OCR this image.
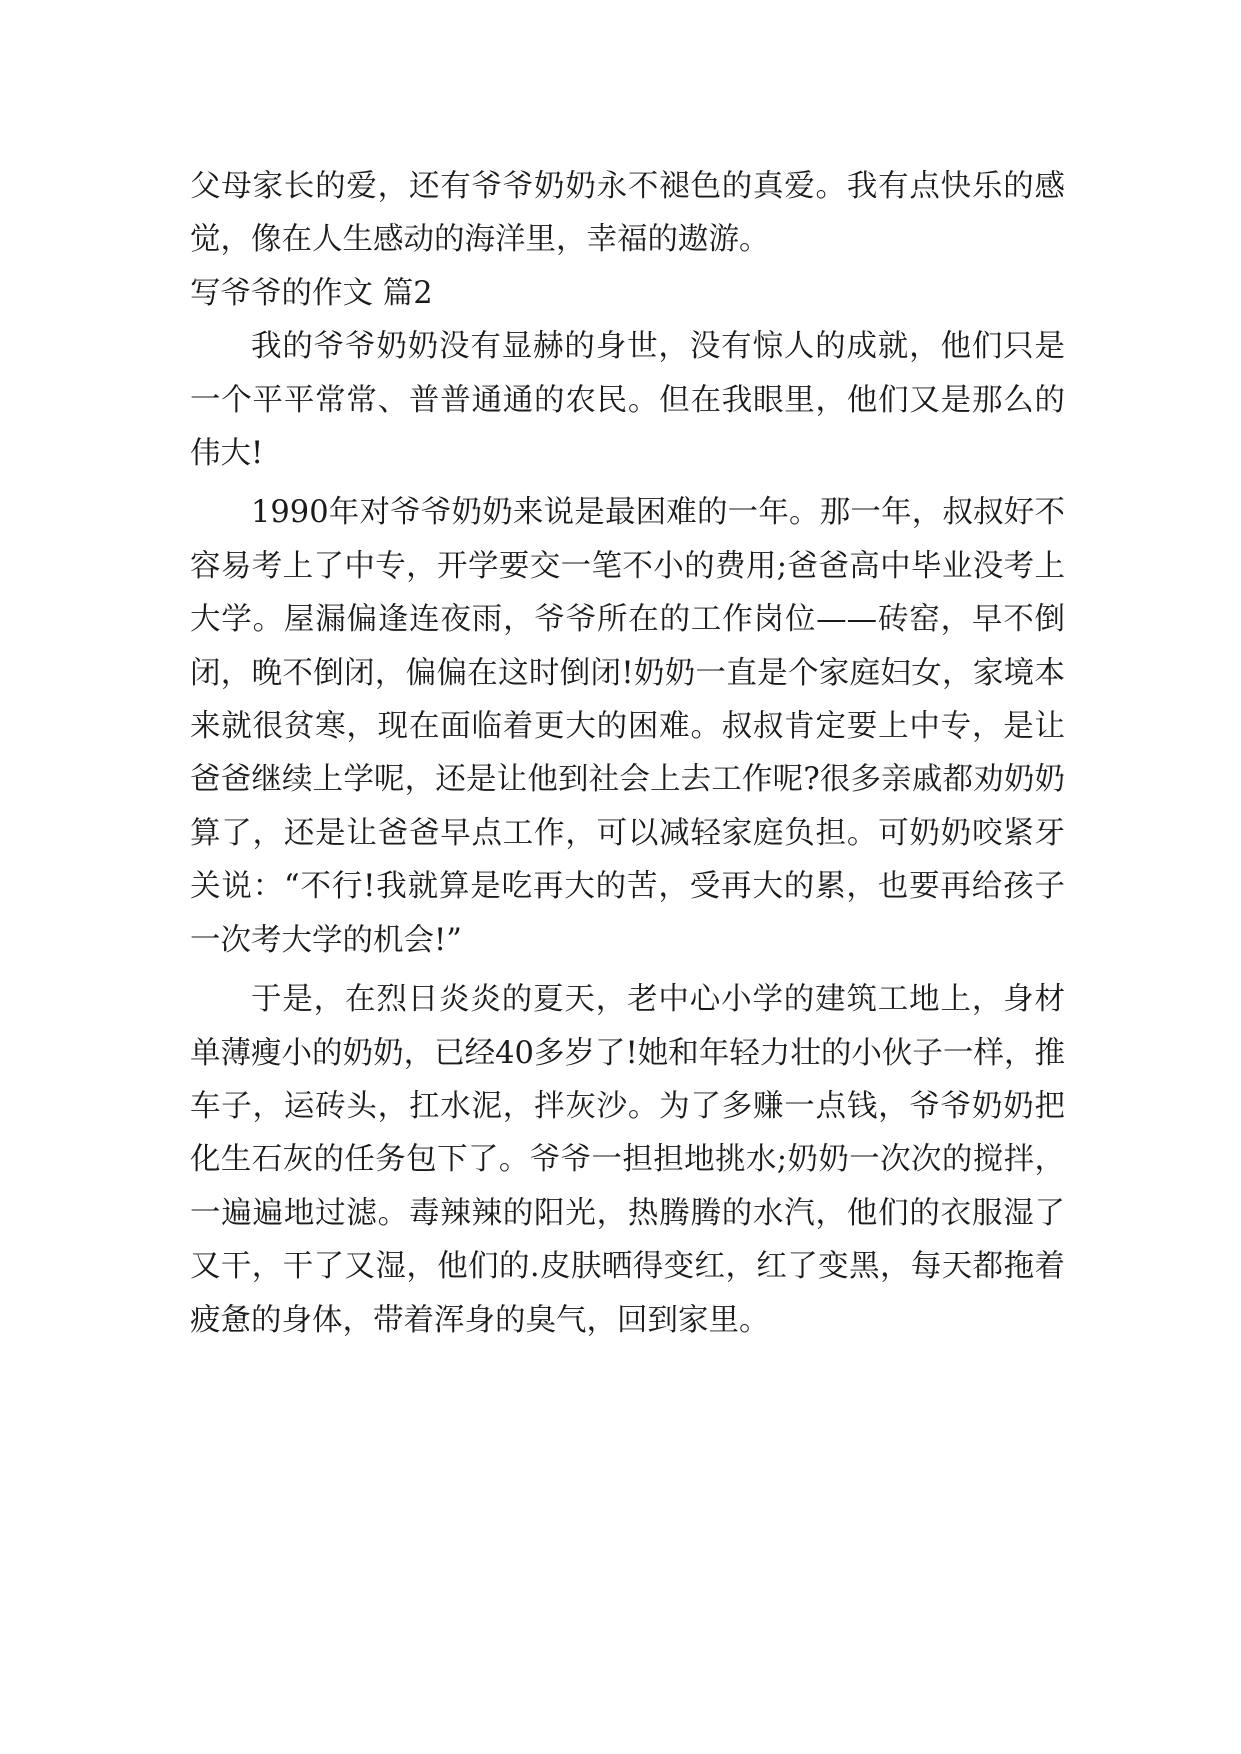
父母家长的爱，还有爷爷奶奶永不褪色的真爱。我有点快乐的感觉，像在人生感动的海洋里，幸福的遨游。

写爷爷的作文 篇2

我的爷爷奶奶没有显赫的身世，没有惊人的成就，他们只是一个平平常常、普普通通的农民。但在我眼里，他们又是那么的伟大!

1990年对爷爷奶奶来说是最困难的一年。那一年，叔叔好不容易考上了中专，开学要交一笔不小的费用;爸爸高中毕业没考上大学。屋漏偏逢连夜雨，爷爷所在的工作岗位——砖窑，早不倒闭，晚不倒闭，偏偏在这时倒闭!奶奶一直是个家庭妇女，家境本来就很贫寒，现在面临着更大的困难。叔叔肯定要上中专，是让爸爸继续上学呢，还是让他到社会上去工作呢?很多亲戚都劝奶奶算了，还是让爸爸早点工作，可以减轻家庭负担。可奶奶咬紧牙关说：“不行!我就算是吃再大的苦，受再大的累，也要再给孩子一次考大学的机会!”

于是，在烈日炎炎的夏天，老中心小学的建筑工地上，身材单薄瘦小的奶奶，已经40多岁了!她和年轻力壮的小伙子一样，推车子，运砖头，扛水泥，拌灰沙。为了多赚一点钱，爷爷奶奶把化生石灰的任务包下了。爷爷一担担地挑水;奶奶一次次的搅拌，一遍遍地过滤。毒辣辣的阳光，热腾腾的水汽，他们的衣服湿了又干，干了又湿，他们的.皮肤晒得变红，红了变黑，每天都拖着疲惫的身体，带着浑身的臭气，回到家里。
